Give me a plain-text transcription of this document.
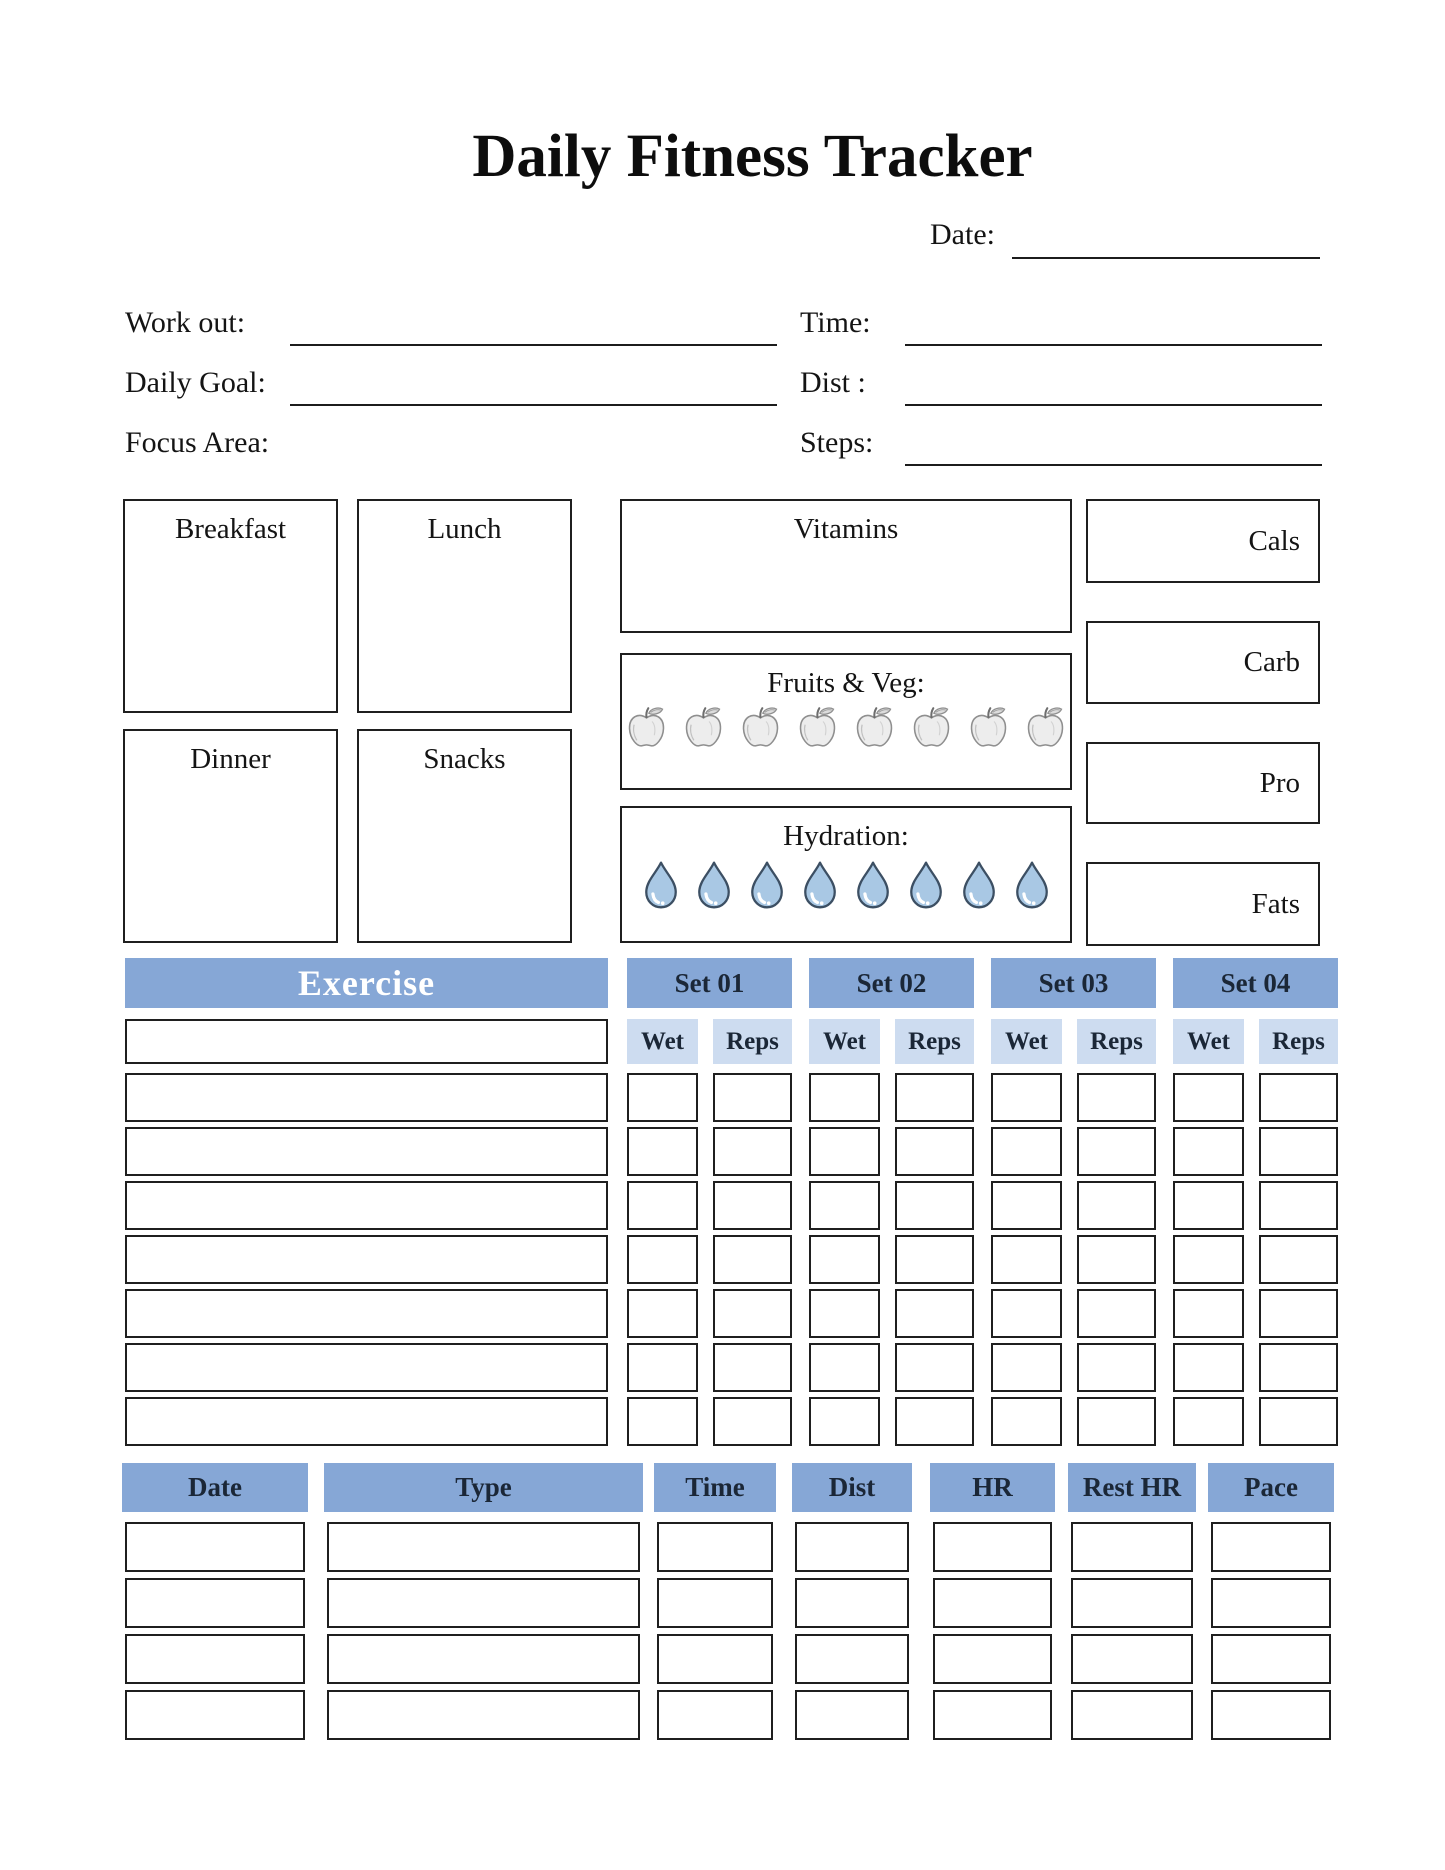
Daily Fitness Tracker
Date:
Work out:
Daily Goal:
Focus Area:
Time:
Dist :
Steps:
Breakfast	Lunch
Dinner	Snacks
Vitamins
Fruits & Veg:
Hydration:
Cals
Carb
Pro
Fats
Exercise	Set 01	Set 02	Set 03	Set 04
Wet	Reps	Wet	Reps	Wet	Reps	Wet	Reps
Date	Type	Time	Dist	HR	Rest HR	Pace
